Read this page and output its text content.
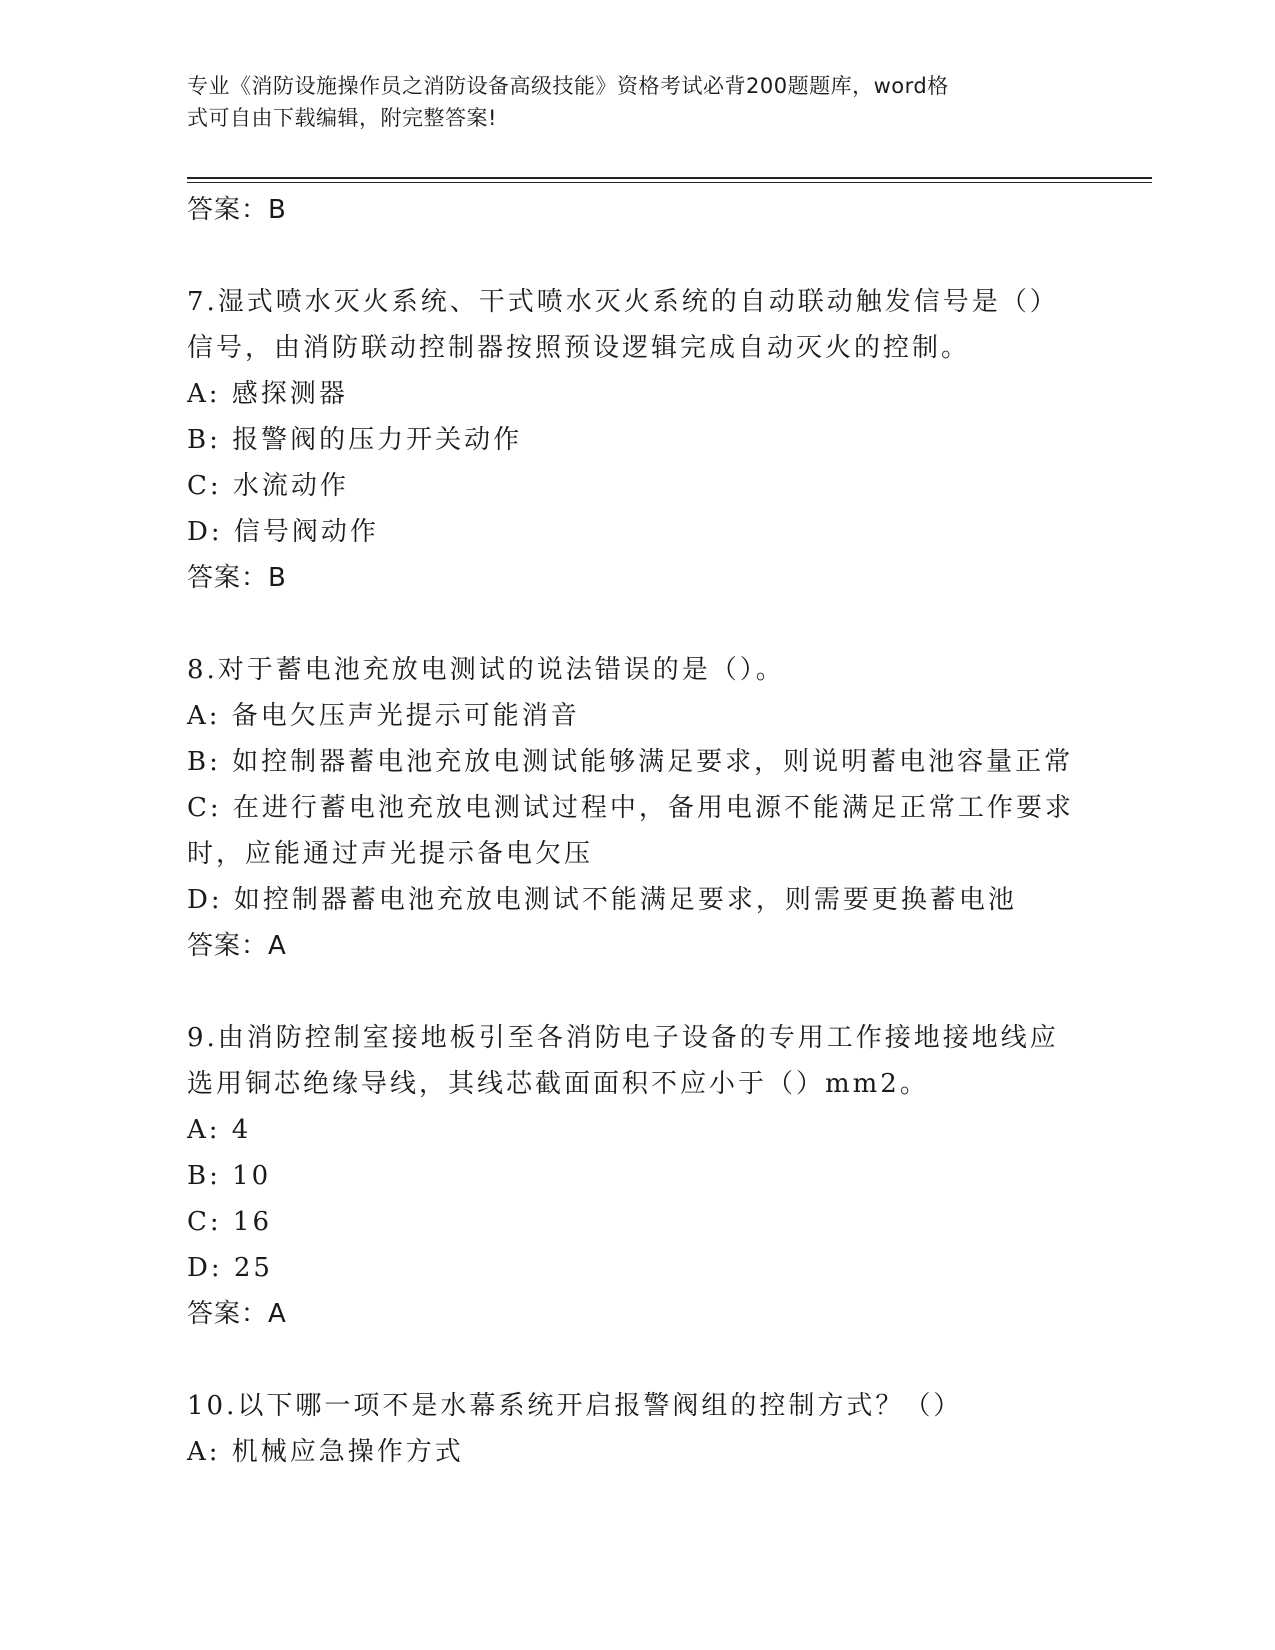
专业《消防设施操作员之消防设备高级技能》资格考试必背200题题库，word格
式可自由下载编辑，附完整答案!
答案：B
7.湿式喷水灭火系统、干式喷水灭火系统的自动联动触发信号是（）
信号，由消防联动控制器按照预设逻辑完成自动灭火的控制。
A: 感探测器
B: 报警阀的压力开关动作
C: 水流动作
D: 信号阀动作
答案：B
8.对于蓄电池充放电测试的说法错误的是（）。
A: 备电欠压声光提示可能消音
B: 如控制器蓄电池充放电测试能够满足要求，则说明蓄电池容量正常
C: 在进行蓄电池充放电测试过程中，备用电源不能满足正常工作要求
时，应能通过声光提示备电欠压
D: 如控制器蓄电池充放电测试不能满足要求，则需要更换蓄电池
答案：A
9.由消防控制室接地板引至各消防电子设备的专用工作接地接地线应
选用铜芯绝缘导线，其线芯截面面积不应小于（）mm2。
A: 4
B: 10
C: 16
D: 25
答案：A
10.以下哪一项不是水幕系统开启报警阀组的控制方式？（）
A: 机械应急操作方式
